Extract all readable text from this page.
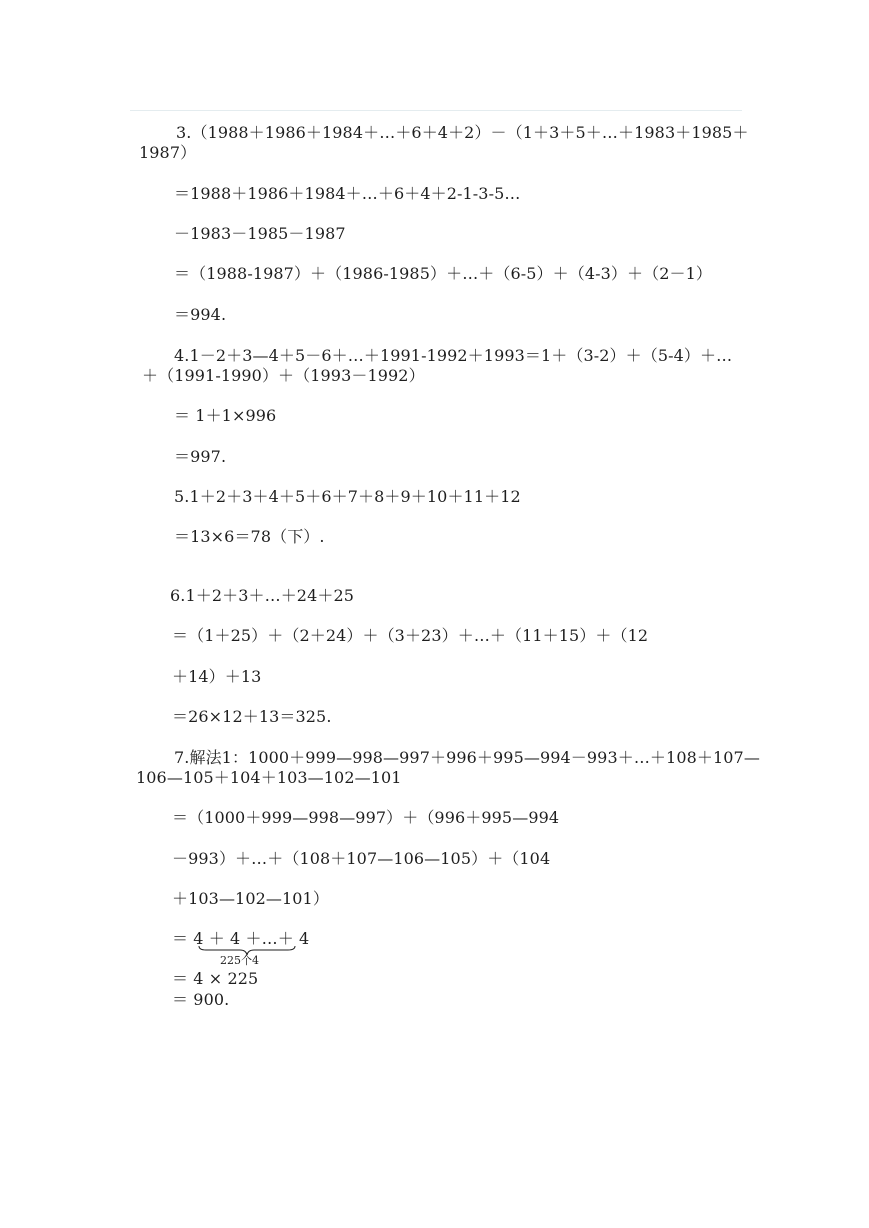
3.（1988＋1986＋1984＋…＋6＋4＋2）－（1＋3＋5＋…＋1983＋1985＋
1987）
＝1988＋1986＋1984＋…＋6＋4＋2-1-3-5…
－1983－1985－1987
＝（1988-1987）＋（1986-1985）＋…＋（6-5）＋（4-3）＋（2－1）
＝994.
4.1－2＋3—4＋5－6＋…＋1991-1992＋1993＝1＋（3-2）＋（5-4）＋…
＋（1991-1990）＋（1993－1992）
＝ 1＋1×996
＝997.
5.1＋2＋3＋4＋5＋6＋7＋8＋9＋10＋11＋12
＝13×6＝78（下）.
6.1＋2＋3＋…＋24＋25
＝（1＋25）＋（2＋24）＋（3＋23）＋…＋（11＋15）＋（12
＋14）＋13
＝26×12＋13＝325.
7.解法1：1000＋999—998—997＋996＋995—994－993＋…＋108＋107—
106—105＋104＋103—102—101
＝（1000＋999—998—997）＋（996＋995—994
－993）＋…＋（108＋107—106—105）＋（104
＋103—102—101）
＝ 4 ＋ 4 ＋…＋ 4
225个4
＝ 4 × 225
＝ 900.
